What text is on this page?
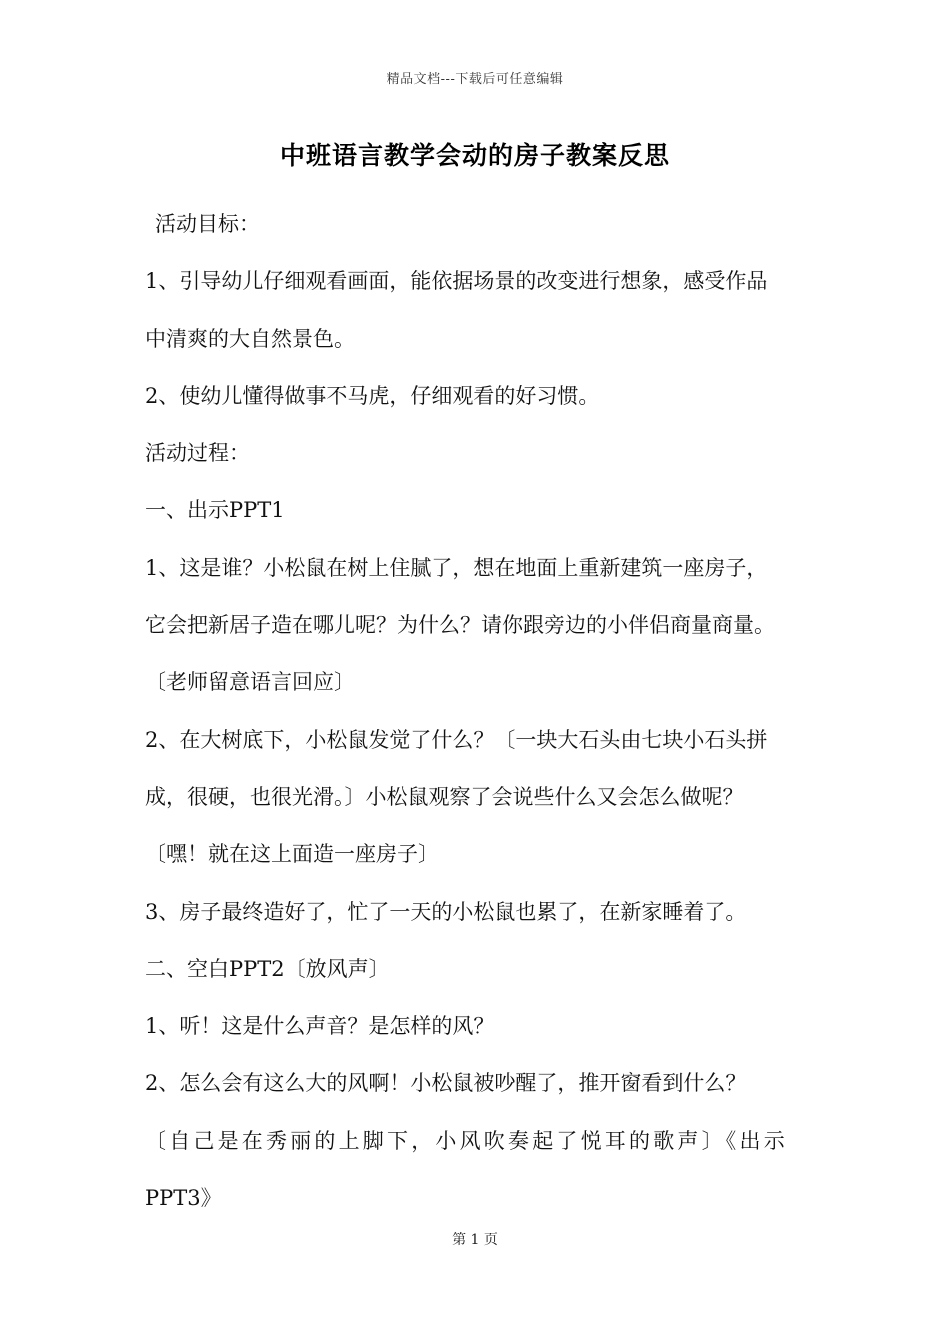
精品文档---下载后可任意编辑
中班语言教学会动的房子教案反思

活动目标：

1、引导幼儿仔细观看画面，能依据场景的改变进行想象，感受作品

中清爽的大自然景色。

2、使幼儿懂得做事不马虎，仔细观看的好习惯。

活动过程：

一、出示PPT1

1、这是谁？小松鼠在树上住腻了，想在地面上重新建筑一座房子，

它会把新居子造在哪儿呢？为什么？请你跟旁边的小伴侣商量商量。

〔老师留意语言回应〕

2、在大树底下，小松鼠发觉了什么？〔一块大石头由七块小石头拼

成，很硬，也很光滑。〕小松鼠观察了会说些什么又会怎么做呢？

〔嘿！就在这上面造一座房子〕

3、房子最终造好了，忙了一天的小松鼠也累了，在新家睡着了。

二、空白PPT2〔放风声〕

1、听！这是什么声音？是怎样的风？

2、怎么会有这么大的风啊！小松鼠被吵醒了，推开窗看到什么？

〔自己是在秀丽的上脚下，小风吹奏起了悦耳的歌声〕《出示

PPT3》

第 1 页
